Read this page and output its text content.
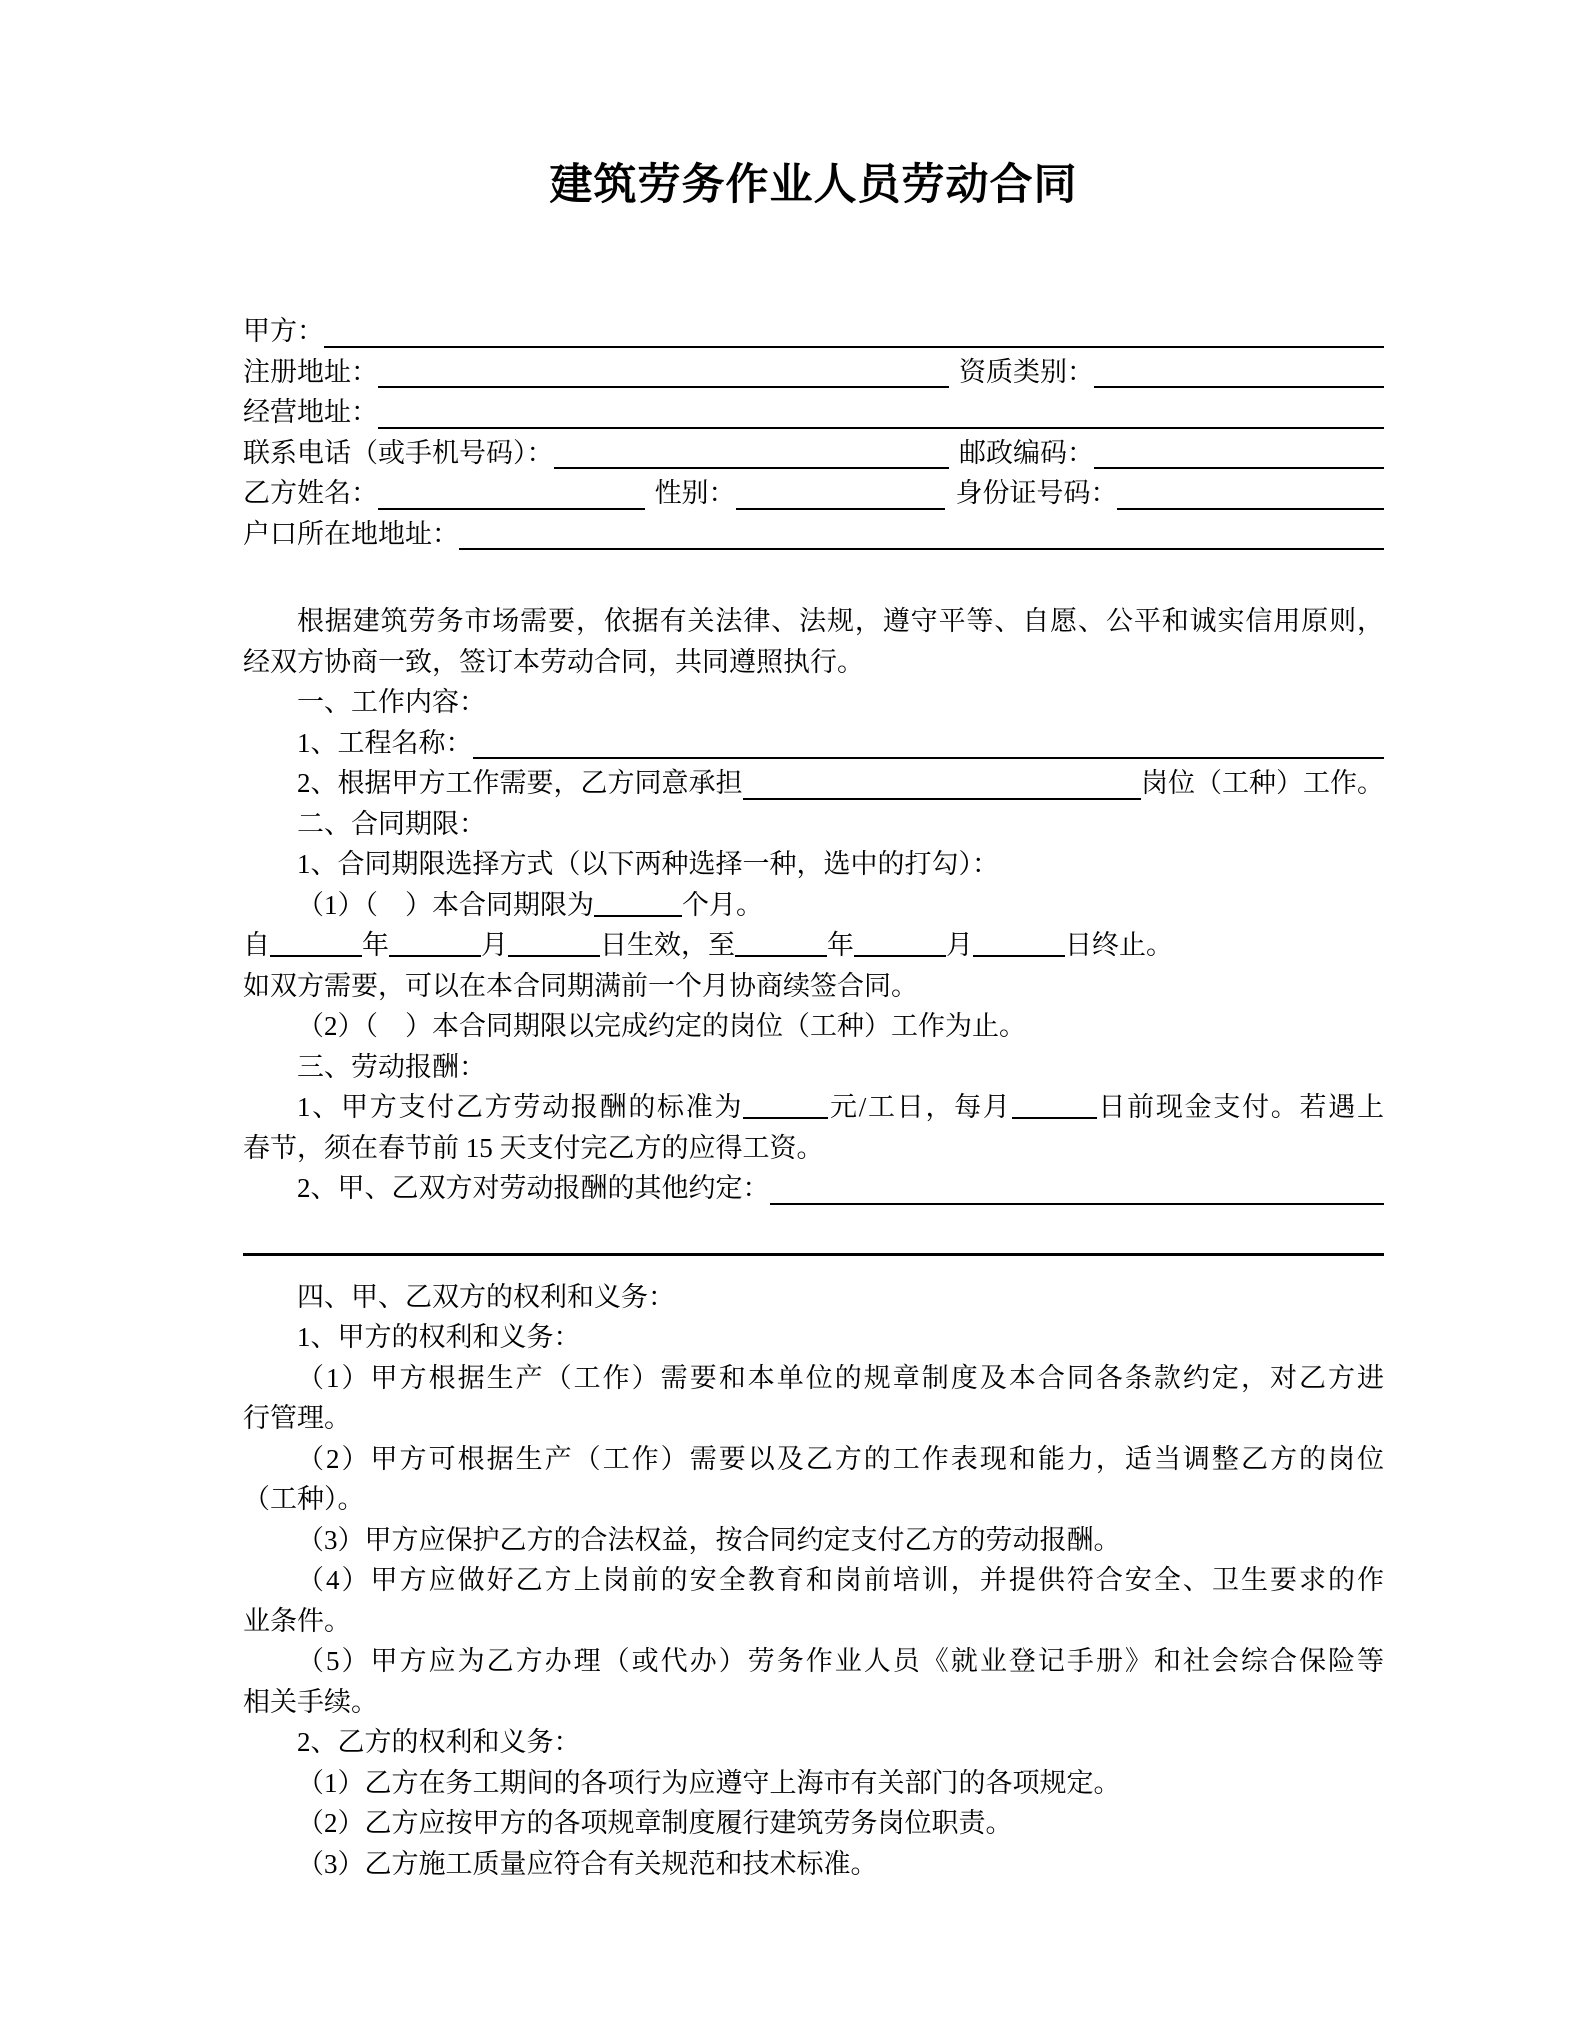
建筑劳务作业人员劳动合同
甲方：
注册地址：	资质类别：
经营地址：
联系电话（或手机号码）：	邮政编码：
乙方姓名：	性别：	身份证号码：
户口所在地地址：
根据建筑劳务市场需要，依据有关法律、法规，遵守平等、自愿、公平和诚实信用原则，
经双方协商一致，签订本劳动合同，共同遵照执行。
一、工作内容：
1、工程名称：
2、根据甲方工作需要，乙方同意承担	岗位（工种）工作。
二、合同期限：
1、合同期限选择方式（以下两种选择一种，选中的打勾）：
（1）（　）本合同期限为	个月。
自	年	月	日生效，至	年	月	日终止。
如双方需要，可以在本合同期满前一个月协商续签合同。
（2）（　）本合同期限以完成约定的岗位（工种）工作为止。
三、劳动报酬：
1、甲方支付乙方劳动报酬的标准为	元/工日，每月	日前现金支付。若遇上
春节，须在春节前 15 天支付完乙方的应得工资。
2、甲、乙双方对劳动报酬的其他约定：
四、甲、乙双方的权利和义务：
1、甲方的权利和义务：
（1）甲方根据生产（工作）需要和本单位的规章制度及本合同各条款约定，对乙方进
行管理。
（2）甲方可根据生产（工作）需要以及乙方的工作表现和能力，适当调整乙方的岗位
（工种）。
（3）甲方应保护乙方的合法权益，按合同约定支付乙方的劳动报酬。
（4）甲方应做好乙方上岗前的安全教育和岗前培训，并提供符合安全、卫生要求的作
业条件。
（5）甲方应为乙方办理（或代办）劳务作业人员《就业登记手册》和社会综合保险等
相关手续。
2、乙方的权利和义务：
（1）乙方在务工期间的各项行为应遵守上海市有关部门的各项规定。
（2）乙方应按甲方的各项规章制度履行建筑劳务岗位职责。
（3）乙方施工质量应符合有关规范和技术标准。
